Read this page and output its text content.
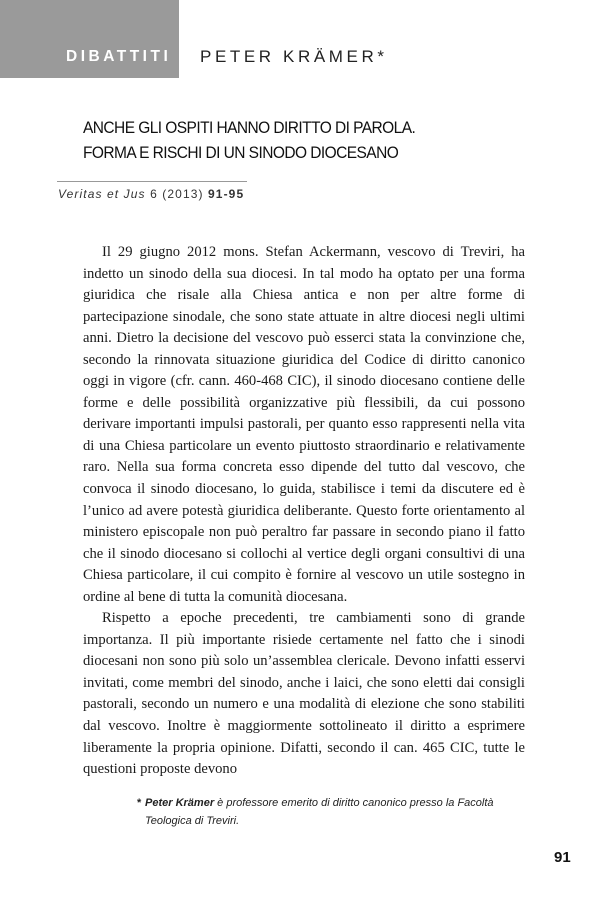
DIBATTITI PETER KRÄMER*
ANCHE GLI OSPITI HANNO DIRITTO DI PAROLA.
FORMA E RISCHI DI UN SINODO DIOCESANO
Veritas et Jus 6 (2013) 91-95

Il 29 giugno 2012 mons. Stefan Ackermann, vescovo di Treviri, ha indetto un sinodo della sua diocesi. In tal modo ha optato per una forma giuridica che risale alla Chiesa antica e non per altre forme di partecipazione sinodale, che sono state attuate in altre diocesi negli ultimi anni. Dietro la decisione del vescovo può esserci stata la convinzione che, secondo la rinnovata situazione giuridica del Codice di diritto canonico oggi in vigore (cfr. cann. 460-468 CIC), il sinodo diocesano contiene delle forme e delle possibilità organizzative più flessibili, da cui possono derivare importanti impulsi pastorali, per quanto esso rappresenti nella vita di una Chiesa particolare un evento piuttosto straordinario e relativamente raro. Nella sua forma concreta esso dipende del tutto dal vescovo, che convoca il sinodo diocesano, lo guida, stabilisce i temi da discutere ed è l’unico ad avere potestà giuridica deliberante. Questo forte orientamento al ministero episcopale non può peraltro far passare in secondo piano il fatto che il sinodo diocesano si collochi al vertice degli organi consultivi di una Chiesa particolare, il cui compito è fornire al vescovo un utile sostegno in ordine al bene di tutta la comunità diocesana.

Rispetto a epoche precedenti, tre cambiamenti sono di grande importanza. Il più importante risiede certamente nel fatto che i sinodi diocesani non sono più solo un’assemblea clericale. Devono infatti esservi invitati, come membri del sinodo, anche i laici, che sono eletti dai consigli pastorali, secondo un numero e una modalità di elezione che sono stabiliti dal vescovo. Inoltre è maggiormente sottolineato il diritto a esprimere liberamente la propria opinione. Difatti, secondo il can. 465 CIC, tutte le questioni proposte devono

* Peter Krämer è professore emerito di diritto canonico presso la Facoltà Teologica di Treviri.
91
